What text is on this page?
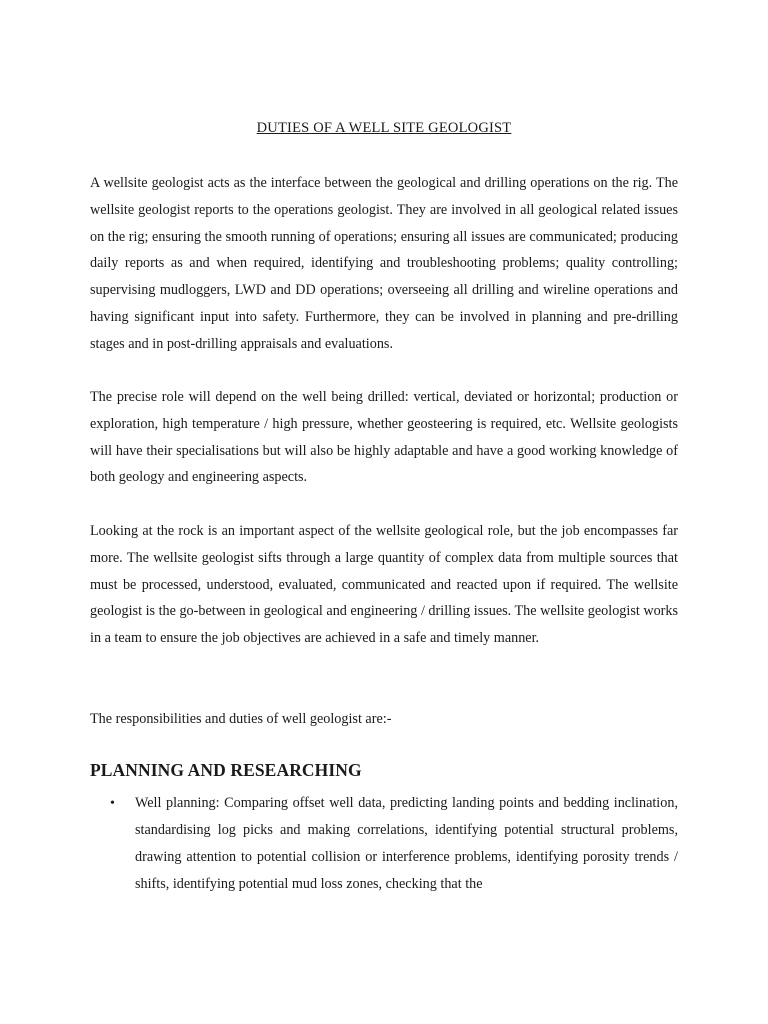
DUTIES OF A WELL SITE GEOLOGIST

A wellsite geologist acts as the interface between the geological and drilling operations on the rig. The wellsite geologist reports to the operations geologist. They are involved in all geological related issues on the rig; ensuring the smooth running of operations; ensuring all issues are communicated; producing daily reports as and when required, identifying and troubleshooting problems; quality controlling; supervising mudloggers, LWD and DD operations; overseeing all drilling and wireline operations and having significant input into safety. Furthermore, they can be involved in planning and pre-drilling stages and in post-drilling appraisals and evaluations.

The precise role will depend on the well being drilled: vertical, deviated or horizontal; production or exploration, high temperature / high pressure, whether geosteering is required, etc. Wellsite geologists will have their specialisations but will also be highly adaptable and have a good working knowledge of both geology and engineering aspects.

Looking at the rock is an important aspect of the wellsite geological role, but the job encompasses far more. The wellsite geologist sifts through a large quantity of complex data from multiple sources that must be processed, understood, evaluated, communicated and reacted upon if required. The wellsite geologist is the go-between in geological and engineering / drilling issues. The wellsite geologist works in a team to ensure the job objectives are achieved in a safe and timely manner.

The responsibilities and duties of well geologist are:-

PLANNING AND RESEARCHING
• Well planning: Comparing offset well data, predicting landing points and bedding inclination, standardising log picks and making correlations, identifying potential structural problems, drawing attention to potential collision or interference problems, identifying porosity trends / shifts, identifying potential mud loss zones, checking that the
